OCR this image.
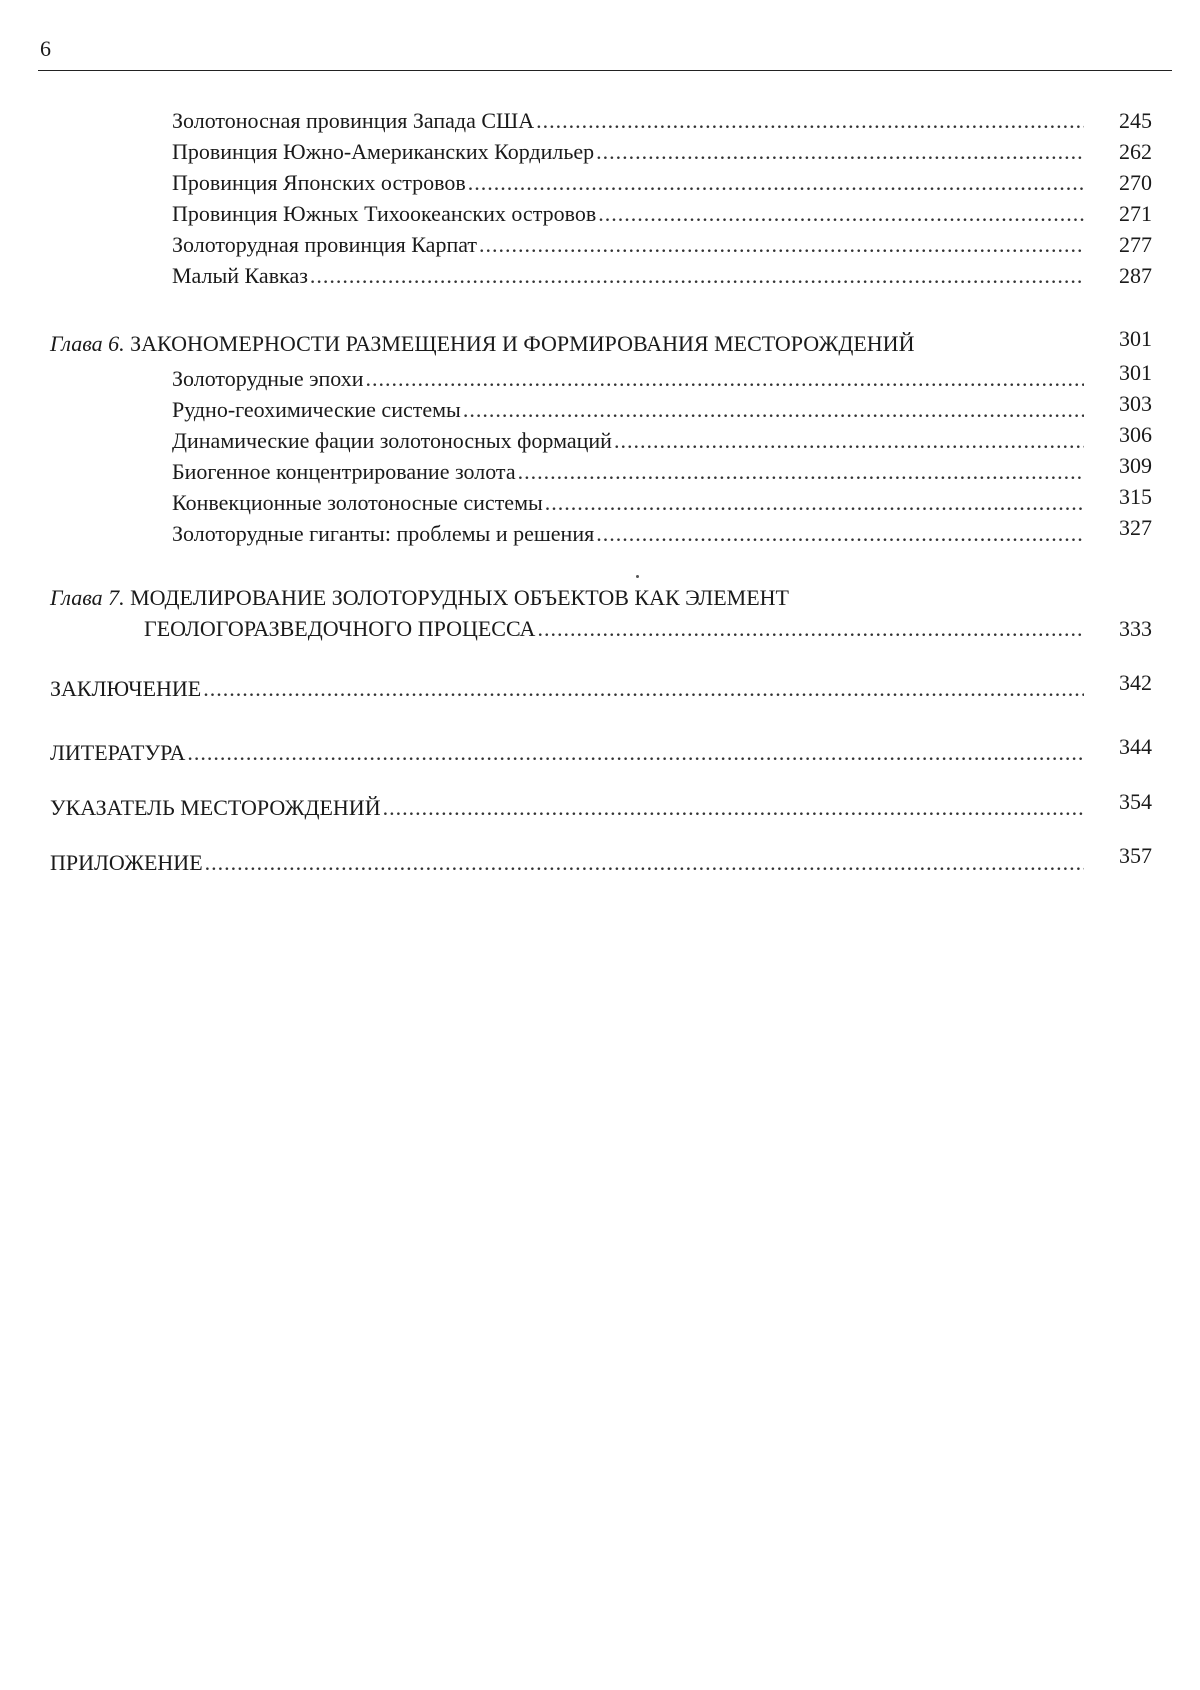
6
Золотоносная провинция Запада США .....	245
Провинция Южно-Американских Кордильер .....	262
Провинция Японских островов .....	270
Провинция Южных Тихоокеанских островов .....	271
Золоторудная провинция Карпат .....	277
Малый Кавказ .....	287
Глава 6. ЗАКОНОМЕРНОСТИ РАЗМЕЩЕНИЯ И ФОРМИРОВАНИЯ МЕСТОРОЖДЕНИЙ	301
Золоторудные эпохи .....	301
Рудно-геохимические системы .....	303
Динамические фации золотоносных формаций .....	306
Биогенное концентрирование золота .....	309
Конвекционные золотоносные системы .....	315
Золоторудные гиганты: проблемы и решения .....	327
Глава 7. МОДЕЛИРОВАНИЕ ЗОЛОТОРУДНЫХ ОБЪЕКТОВ КАК ЭЛЕМЕНТ
ГЕОЛОГОРАЗВЕДОЧНОГО ПРОЦЕССА .....	333
ЗАКЛЮЧЕНИЕ .....	342
ЛИТЕРАТУРА .....	344
УКАЗАТЕЛЬ МЕСТОРОЖДЕНИЙ .....	354
ПРИЛОЖЕНИЕ .....	357
